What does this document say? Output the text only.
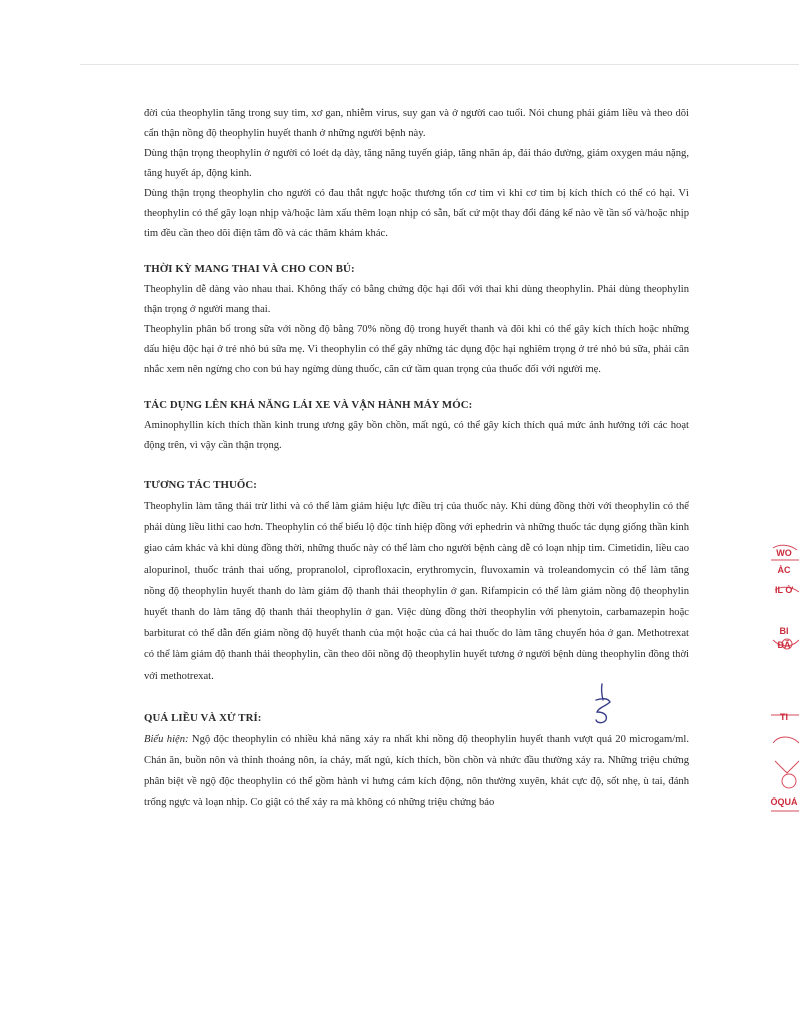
đời của theophylin tăng trong suy tim, xơ gan, nhiễm virus, suy gan và ở người cao tuổi. Nói chung phải giảm liều và theo dõi cẩn thận nồng độ theophylin huyết thanh ở những người bệnh này.

Dùng thận trọng theophylin ở người có loét dạ dày, tăng năng tuyến giáp, tăng nhãn áp, đái tháo đường, giảm oxygen máu nặng, tăng huyết áp, động kinh.

Dùng thận trọng theophylin cho người có đau thắt ngực hoặc thương tổn cơ tim vì khi cơ tim bị kích thích có thể có hại. Vì theophylin có thể gây loạn nhịp và/hoặc làm xấu thêm loạn nhịp có sẵn, bất cứ một thay đổi đáng kể nào về tần số và/hoặc nhịp tim đều cần theo dõi điện tâm đồ và các thăm khám khác.

THỜI KỲ MANG THAI VÀ CHO CON BÚ:

Theophylin dễ dàng vào nhau thai. Không thấy có bằng chứng độc hại đối với thai khi dùng theophylin. Phải dùng theophylin thận trọng ở người mang thai.

Theophylin phân bố trong sữa với nồng độ bằng 70% nồng độ trong huyết thanh và đôi khi có thể gây kích thích hoặc những dấu hiệu độc hại ở trẻ nhỏ bú sữa mẹ. Vì theophylin có thể gây những tác dụng độc hại nghiêm trọng ở trẻ nhỏ bú sữa, phải cân nhắc xem nên ngừng cho con bú hay ngừng dùng thuốc, căn cứ tầm quan trọng của thuốc đối với người mẹ.

TÁC DỤNG LÊN KHẢ NĂNG LÁI XE VÀ VẬN HÀNH MÁY MÓC:

Aminophyllin kích thích thần kinh trung ương gây bồn chồn, mất ngủ, có thể gây kích thích quá mức ảnh hưởng tới các hoạt động trên, vì vậy cần thận trọng.

TƯƠNG TÁC THUỐC:

Theophylin làm tăng thải trừ lithi và có thể làm giảm hiệu lực điều trị của thuốc này. Khi dùng đồng thời với theophylin có thể phải dùng liều lithi cao hơn. Theophylin có thể biểu lộ độc tính hiệp đồng với ephedrin và những thuốc tác dụng giống thần kinh giao cảm khác và khi dùng đồng thời, những thuốc này có thể làm cho người bệnh càng dễ có loạn nhịp tim. Cimetidin, liều cao alopurinol, thuốc tránh thai uống, propranolol, ciprofloxacin, erythromycin, fluvoxamin và troleandomycin có thể làm tăng nồng độ theophylin huyết thanh do làm giảm độ thanh thải theophylin ở gan. Rifampicin có thể làm giảm nồng độ theophylin huyết thanh do làm tăng độ thanh thải theophylin ở gan. Việc dùng đồng thời theophylin với phenytoin, carbamazepin hoặc barbiturat có thể dẫn đến giảm nồng độ huyết thanh của một hoặc của cả hai thuốc do làm tăng chuyển hóa ở gan. Methotrexat có thể làm giảm độ thanh thải theophylin, cần theo dõi nồng độ theophylin huyết tương ở người bệnh dùng theophylin đồng thời với methotrexat.

QUÁ LIỀU VÀ XỬ TRÍ:

Biểu hiện: Ngộ độc theophylin có nhiều khả năng xảy ra nhất khi nồng độ theophylin huyết thanh vượt quá 20 microgam/ml. Chán ăn, buồn nôn và thỉnh thoảng nôn, ỉa chảy, mất ngủ, kích thích, bồn chồn và nhức đầu thường xảy ra. Những triệu chứng phân biệt về ngộ độc theophylin có thể gồm hành vi hưng cảm kích động, nôn thường xuyên, khát cực độ, sốt nhẹ, ù tai, đánh trống ngực và loạn nhịp. Co giật có thể xảy ra mà không có những triệu chứng báo

WO
ÀC
IL Ờ
BI
ĐÃ
TI
ỐQUẢ
